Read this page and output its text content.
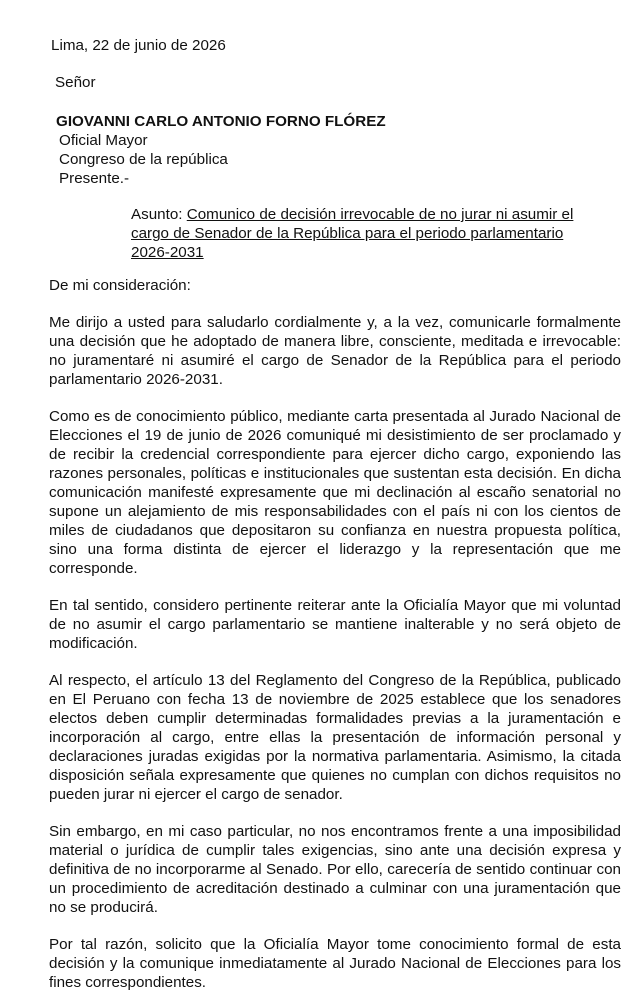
Lima, 22 de junio de 2026
Señor
GIOVANNI CARLO ANTONIO FORNO FLÓREZ
Oficial Mayor
Congreso de la república
Presente.-
Asunto: Comunico de decisión irrevocable de no jurar ni asumir el cargo de Senador de la República para el periodo parlamentario 2026-2031
De mi consideración:

Me dirijo a usted para saludarlo cordialmente y, a la vez, comunicarle formalmente una decisión que he adoptado de manera libre, consciente, meditada e irrevocable: no juramentaré ni asumiré el cargo de Senador de la República para el periodo parlamentario 2026-2031.

Como es de conocimiento público, mediante carta presentada al Jurado Nacional de Elecciones el 19 de junio de 2026 comuniqué mi desistimiento de ser proclamado y de recibir la credencial correspondiente para ejercer dicho cargo, exponiendo las razones personales, políticas e institucionales que sustentan esta decisión. En dicha comunicación manifesté expresamente que mi declinación al escaño senatorial no supone un alejamiento de mis responsabilidades con el país ni con los cientos de miles de ciudadanos que depositaron su confianza en nuestra propuesta política, sino una forma distinta de ejercer el liderazgo y la representación que me corresponde.

En tal sentido, considero pertinente reiterar ante la Oficialía Mayor que mi voluntad de no asumir el cargo parlamentario se mantiene inalterable y no será objeto de modificación.

Al respecto, el artículo 13 del Reglamento del Congreso de la República, publicado en El Peruano con fecha 13 de noviembre de 2025 establece que los senadores electos deben cumplir determinadas formalidades previas a la juramentación e incorporación al cargo, entre ellas la presentación de información personal y declaraciones juradas exigidas por la normativa parlamentaria. Asimismo, la citada disposición señala expresamente que quienes no cumplan con dichos requisitos no pueden jurar ni ejercer el cargo de senador.

Sin embargo, en mi caso particular, no nos encontramos frente a una imposibilidad material o jurídica de cumplir tales exigencias, sino ante una decisión expresa y definitiva de no incorporarme al Senado. Por ello, carecería de sentido continuar con un procedimiento de acreditación destinado a culminar con una juramentación que no se producirá.

Por tal razón, solicito que la Oficialía Mayor tome conocimiento formal de esta decisión y la comunique inmediatamente al Jurado Nacional de Elecciones para los fines correspondientes.
